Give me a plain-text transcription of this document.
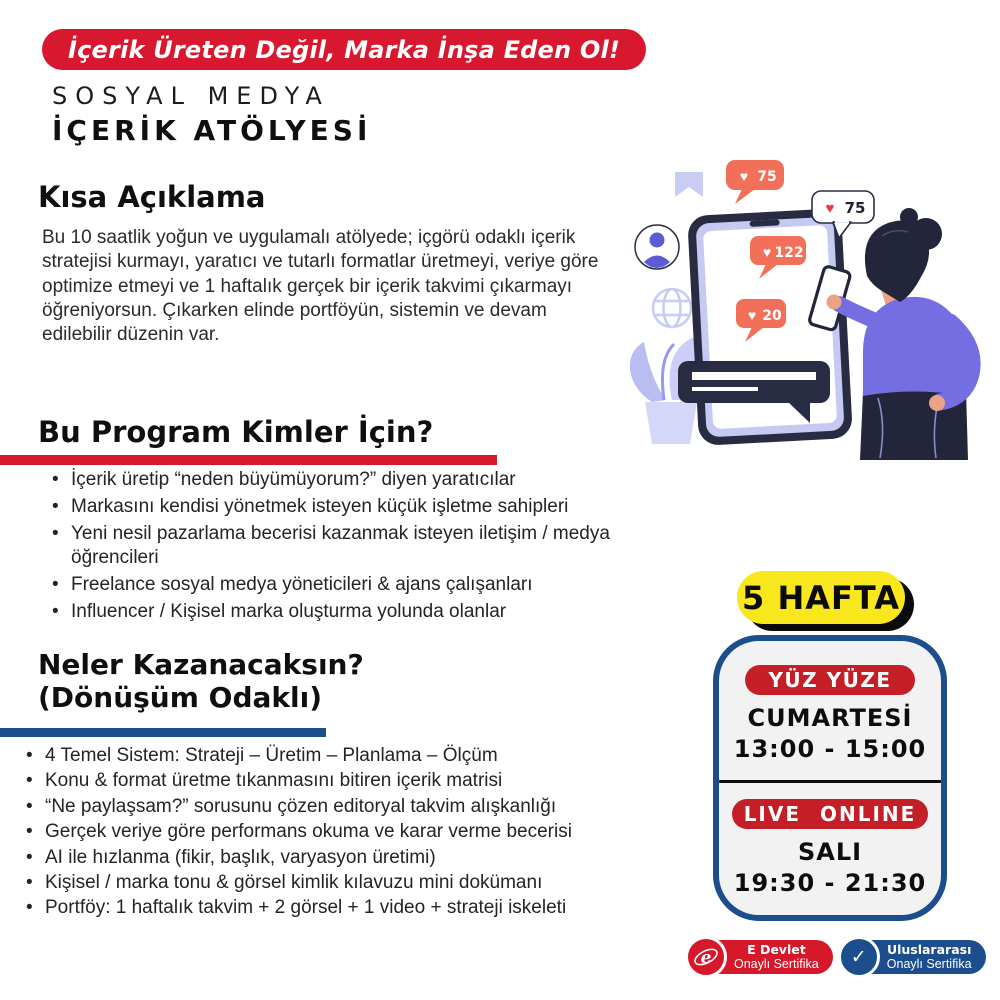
İçerik Üreten Değil, Marka İnşa Eden Ol!
SOSYAL MEDYA
İÇERİK ATÖLYESİ
Kısa Açıklama
Bu 10 saatlik yoğun ve uygulamalı atölyede; içgörü odaklı içerik stratejisi kurmayı, yaratıcı ve tutarlı formatlar üretmeyi, veriye göre optimize etmeyi ve 1 haftalık gerçek bir içerik takvimi çıkarmayı öğreniyorsun. Çıkarken elinde portföyün, sistemin ve devam edilebilir düzenin var.
Bu Program Kimler İçin?
• İçerik üretip “neden büyümüyorum?” diyen yaratıcılar
• Markasını kendisi yönetmek isteyen küçük işletme sahipleri
• Yeni nesil pazarlama becerisi kazanmak isteyen iletişim / medya öğrencileri
• Freelance sosyal medya yöneticileri & ajans çalışanları
• Influencer / Kişisel marka oluşturma yolunda olanlar
Neler Kazanacaksın?
(Dönüşüm Odaklı)
• 4 Temel Sistem: Strateji – Üretim – Planlama – Ölçüm
• Konu & format üretme tıkanmasını bitiren içerik matrisi
• “Ne paylaşsam?” sorusunu çözen editoryal takvim alışkanlığı
• Gerçek veriye göre performans okuma ve karar verme becerisi
• AI ile hızlanma (fikir, başlık, varyasyon üretimi)
• Kişisel / marka tonu & görsel kimlik kılavuzu mini dokümanı
• Portföy: 1 haftalık takvim + 2 görsel + 1 video + strateji iskeleti
5 HAFTA
YÜZ YÜZE
CUMARTESİ
13:00 - 15:00
LIVE ONLINE
SALI
19:30 - 21:30
e	E Devlet
Onaylı Sertifika ✓ Uluslararası
Onaylı Sertifika
♥ 122
♥ 20
♥ 75
♥ 75
